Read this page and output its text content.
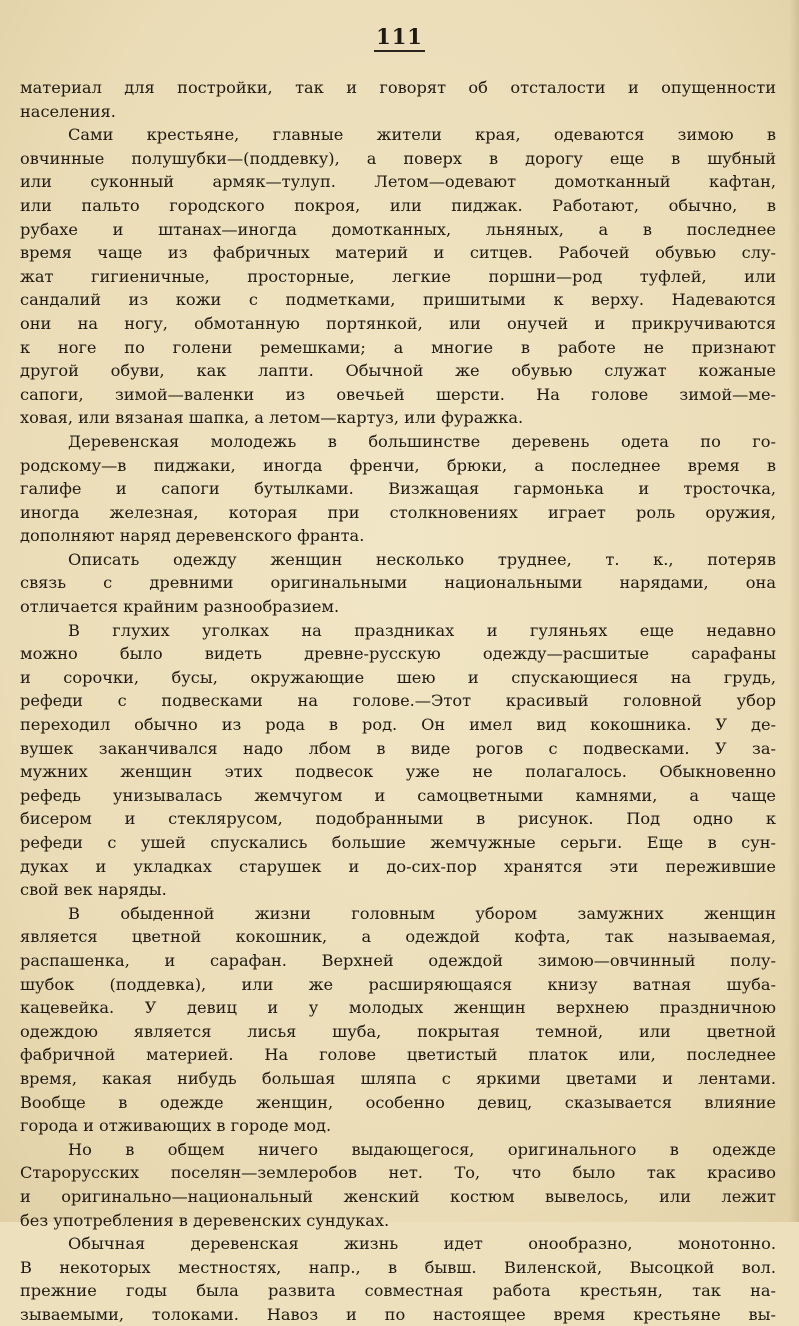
111
материал для постройки, так и говорят об отсталости и опущенности
населения.
Сами крестьяне, главные жители края, одеваются зимою в
овчинные полушубки—(поддевку), а поверх в дорогу еще в шубный
или суконный армяк—тулуп. Летом—одевают домотканный кафтан,
или пальто городского покроя, или пиджак. Работают, обычно, в
рубахе и штанах—иногда домотканных, льняных, а в последнее
время чаще из фабричных материй и ситцев. Рабочей обувью слу-
жат гигиеничные, просторные, легкие поршни—род туфлей, или
сандалий из кожи с подметками, пришитыми к верху. Надеваются
они на ногу, обмотанную портянкой, или онучей и прикручиваются
к ноге по голени ремешками; а многие в работе не признают
другой обуви, как лапти. Обычной же обувью служат кожаные
сапоги, зимой—валенки из овечьей шерсти. На голове зимой—ме-
ховая, или вязаная шапка, а летом—картуз, или фуражка.
Деревенская молодежь в большинстве деревень одета по го-
родскому—в пиджаки, иногда френчи, брюки, а последнее время в
галифе и сапоги бутылками. Визжащая гармонька и тросточка,
иногда железная, которая при столкновениях играет роль оружия,
дополняют наряд деревенского франта.
Описать одежду женщин несколько труднее, т. к., потеряв
связь с древними оригинальными национальными нарядами, она
отличается крайним разнообразием.
В глухих уголках на праздниках и гуляньях еще недавно
можно было видеть древне-русскую одежду—расшитые сарафаны
и сорочки, бусы, окружающие шею и спускающиеся на грудь,
рефеди с подвесками на голове.—Этот красивый головной убор
переходил обычно из рода в род. Он имел вид кокошника. У де-
вушек заканчивался надо лбом в виде рогов с подвесками. У за-
мужних женщин этих подвесок уже не полагалось. Обыкновенно
рефедь унизывалась жемчугом и самоцветными камнями, а чаще
бисером и стеклярусом, подобранными в рисунок. Под одно к
рефеди с ушей спускались большие жемчужные серьги. Еще в сун-
дуках и укладках старушек и до-сих-пор хранятся эти пережившие
свой век наряды.
В обыденной жизни головным убором замужних женщин
является цветной кокошник, а одеждой кофта, так называемая,
распашенка, и сарафан. Верхней одеждой зимою—овчинный полу-
шубок (поддевка), или же расширяющаяся книзу ватная шуба-
кацевейка. У девиц и у молодых женщин верхнею праздничною
одеждою является лисья шуба, покрытая темной, или цветной
фабричной материей. На голове цветистый платок или, последнее
время, какая нибудь большая шляпа с яркими цветами и лентами.
Вообще в одежде женщин, особенно девиц, сказывается влияние
города и отживающих в городе мод.
Но в общем ничего выдающегося, оригинального в одежде
Старорусских поселян—землеробов нет. То, что было так красиво
и оригинально—национальный женский костюм вывелось, или лежит
без употребления в деревенских сундуках.
Обычная деревенская жизнь идет онообразно, монотонно.
В некоторых местностях, напр., в бывш. Виленской, Высоцкой вол.
прежние годы была развита совместная работа крестьян, так на-
зываемыми, толоками. Навоз и по настоящее время крестьяне вы-
